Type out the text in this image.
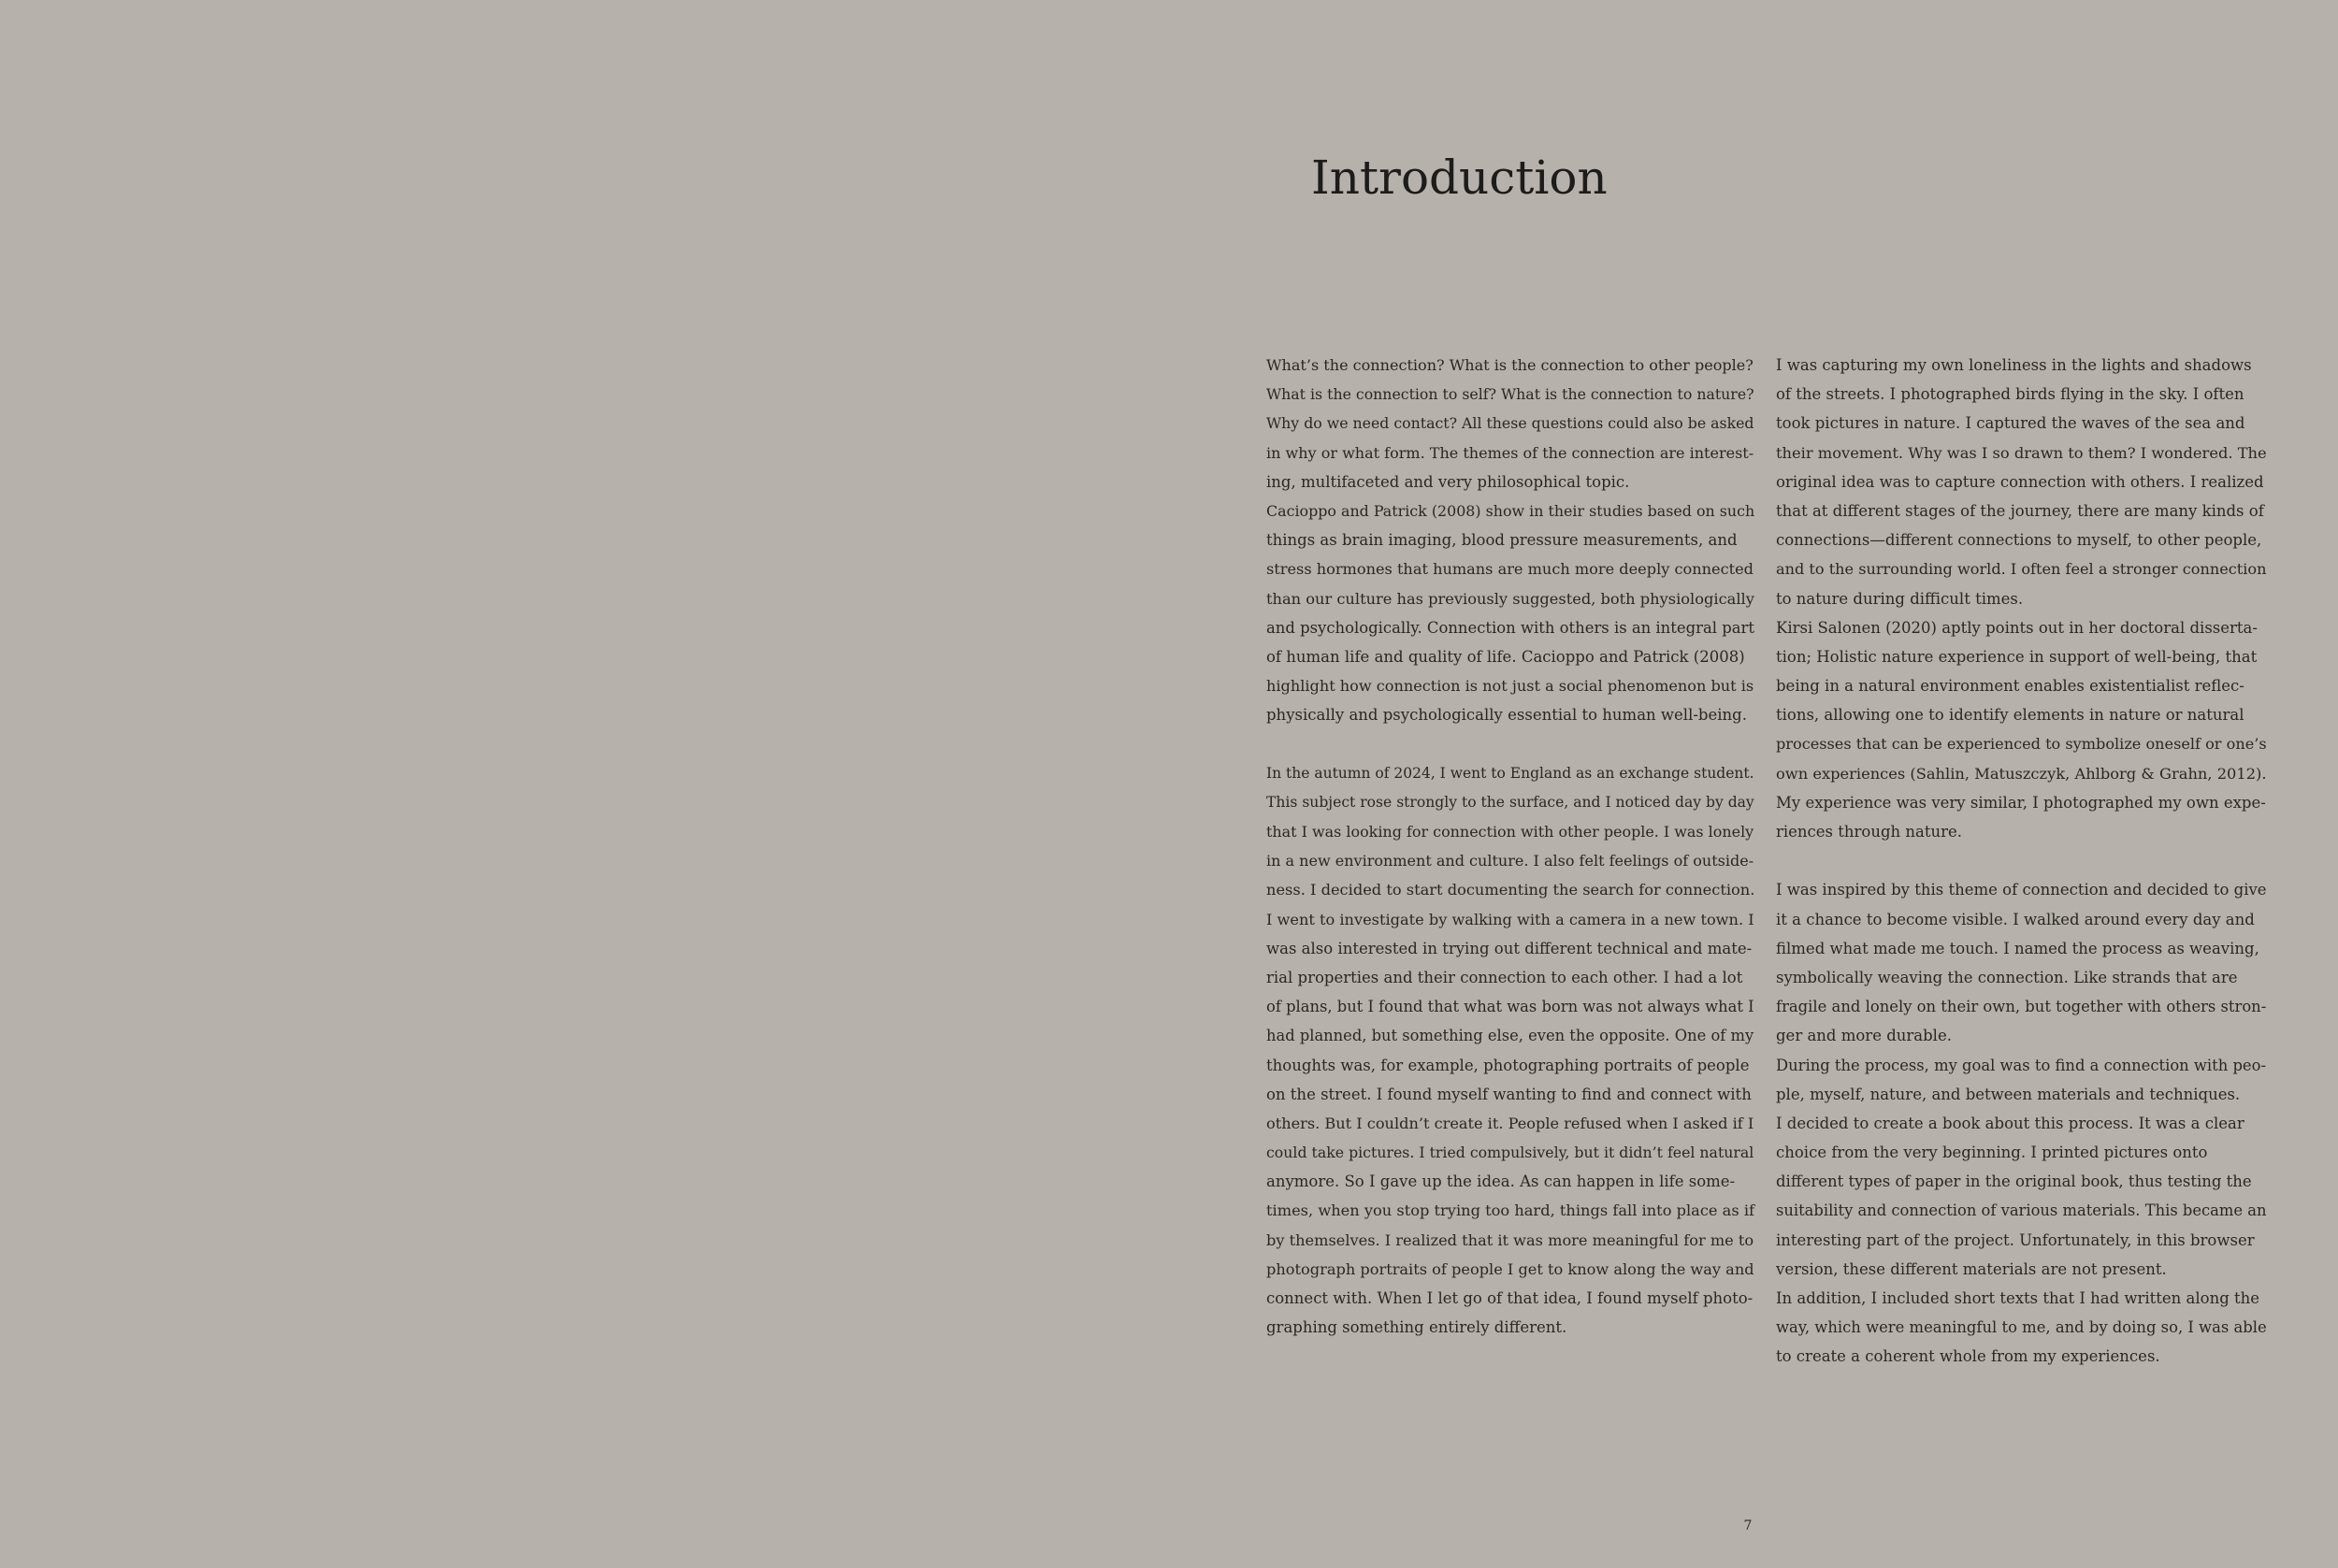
Introduction
What’s the connection? What is the connection to other people?
What is the connection to self? What is the connection to nature?
Why do we need contact? All these questions could also be asked
in why or what form. The themes of the connection are interest-
ing, multifaceted and very philosophical topic.
Cacioppo and Patrick (2008) show in their studies based on such
things as brain imaging, blood pressure measurements, and
stress hormones that humans are much more deeply connected
than our culture has previously suggested, both physiologically
and psychologically. Connection with others is an integral part
of human life and quality of life. Cacioppo and Patrick (2008)
highlight how connection is not just a social phenomenon but is
physically and psychologically essential to human well-being.
In the autumn of 2024, I went to England as an exchange student.
This subject rose strongly to the surface, and I noticed day by day
that I was looking for connection with other people. I was lonely
in a new environment and culture. I also felt feelings of outside-
ness. I decided to start documenting the search for connection.
I went to investigate by walking with a camera in a new town. I
was also interested in trying out different technical and mate-
rial properties and their connection to each other. I had a lot
of plans, but I found that what was born was not always what I
had planned, but something else, even the opposite. One of my
thoughts was, for example, photographing portraits of people
on the street. I found myself wanting to find and connect with
others. But I couldn’t create it. People refused when I asked if I
could take pictures. I tried compulsively, but it didn’t feel natural
anymore. So I gave up the idea. As can happen in life some-
times, when you stop trying too hard, things fall into place as if
by themselves. I realized that it was more meaningful for me to
photograph portraits of people I get to know along the way and
connect with. When I let go of that idea, I found myself photo-
graphing something entirely different.
I was capturing my own loneliness in the lights and shadows
of the streets. I photographed birds flying in the sky. I often
took pictures in nature. I captured the waves of the sea and
their movement. Why was I so drawn to them? I wondered. The
original idea was to capture connection with others. I realized
that at different stages of the journey, there are many kinds of
connections—different connections to myself, to other people,
and to the surrounding world. I often feel a stronger connection
to nature during difficult times.
Kirsi Salonen (2020) aptly points out in her doctoral disserta-
tion; Holistic nature experience in support of well-being, that
being in a natural environment enables existentialist reflec-
tions, allowing one to identify elements in nature or natural
processes that can be experienced to symbolize oneself or one’s
own experiences (Sahlin, Matuszczyk, Ahlborg & Grahn, 2012).
My experience was very similar, I photographed my own expe-
riences through nature.
I was inspired by this theme of connection and decided to give
it a chance to become visible. I walked around every day and
filmed what made me touch. I named the process as weaving,
symbolically weaving the connection. Like strands that are
fragile and lonely on their own, but together with others stron-
ger and more durable.
During the process, my goal was to find a connection with peo-
ple, myself, nature, and between materials and techniques.
I decided to create a book about this process. It was a clear
choice from the very beginning. I printed pictures onto
different types of paper in the original book, thus testing the
suitability and connection of various materials. This became an
interesting part of the project. Unfortunately, in this browser
version, these different materials are not present.
In addition, I included short texts that I had written along the
way, which were meaningful to me, and by doing so, I was able
to create a coherent whole from my experiences.
7
